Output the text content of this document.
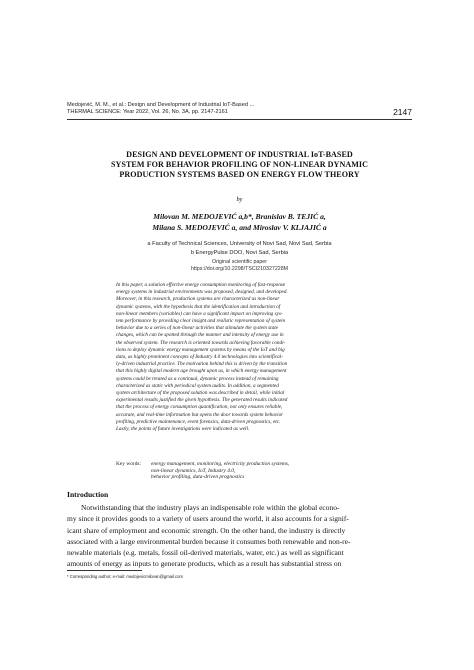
Medojević, M. M., et al.: Design and Development of Industrial IoT-Based ...
THERMAL SCIENCE: Year 2022, Vol. 26, No. 3A, pp. 2147-2161	2147
DESIGN AND DEVELOPMENT OF INDUSTRIAL IoT-BASED
SYSTEM FOR BEHAVIOR PROFILING OF NON-LINEAR DYNAMIC
PRODUCTION SYSTEMS BASED ON ENERGY FLOW THEORY
by
Milovan M. MEDOJEVIĆ a,b*, Branislav B. TEJIĆ a,
Milana S. MEDOJEVIĆ a, and Miroslav V. KLJAJIĆ a
a Faculty of Technical Sciences, University of Novi Sad, Novi Sad, Serbia
b EnergyPulse DOO, Novi Sad, Serbia
Original scientific paper
https://doi.org/10.2298/TSCI210327228M
In this paper, a solution effective energy consumption monitoring of fast-response
energy systems in industrial environments was proposed, designed, and developed.
Moreover, in this research, production systems are characterized as non-linear
dynamic systems, with the hypothesis that the identification and introduction of
non-linear members (variables) can have a significant impact on improving sys-
tem performance by providing clear insight and realistic representation of system
behavior due to a series of non-linear activities that stimulate the system state
changes, which can be spotted through the manner and intensity of energy use in
the observed system. The research is oriented towards achieving favorable condi-
tions to deploy dynamic energy management systems by means of the IoT and big
data, as highly prominent concepts of Industry 4.0 technologies into scientifical-
ly-driven industrial practice. The motivation behind this is driven by the transition
that this highly digital modern age brought upon us, in which energy management
systems could be treated as a continual, dynamic process instead of remaining
characterized as static with periodical system audits. In addition, a segmented
system architecture of the proposed solution was described in detail, while initial
experimental results justified the given hypothesis. The generated results indicated
that the process of energy consumption quantification, not only ensures reliable,
accurate, and real-time information but opens the door towards system behavior
profiling, predictive maintenance, event forensics, data-driven prognostics, etc.
Lastly, the points of future investigations were indicated as well.
Key words: energy management, monitoring, electricity production systems,
non-linear dynamics, IoT, Industry 4.0,
behavior profiling, data-driven prognostics
Introduction
Notwithstanding that the industry plays an indispensable role within the global econo-
my since it provides goods to a variety of users around the world, it also accounts for a signif-
icant share of employment and economic strength. On the other hand, the industry is directly
associated with a large environmental burden because it consumes both renewable and non-re-
newable materials (e.g. metals, fossil oil-derived materials, water, etc.) as well as significant
amounts of energy as inputs to generate products, which as a result has substantial stress on
* Corresponding author; e-mail: medojevicmilovan@gmail.com
